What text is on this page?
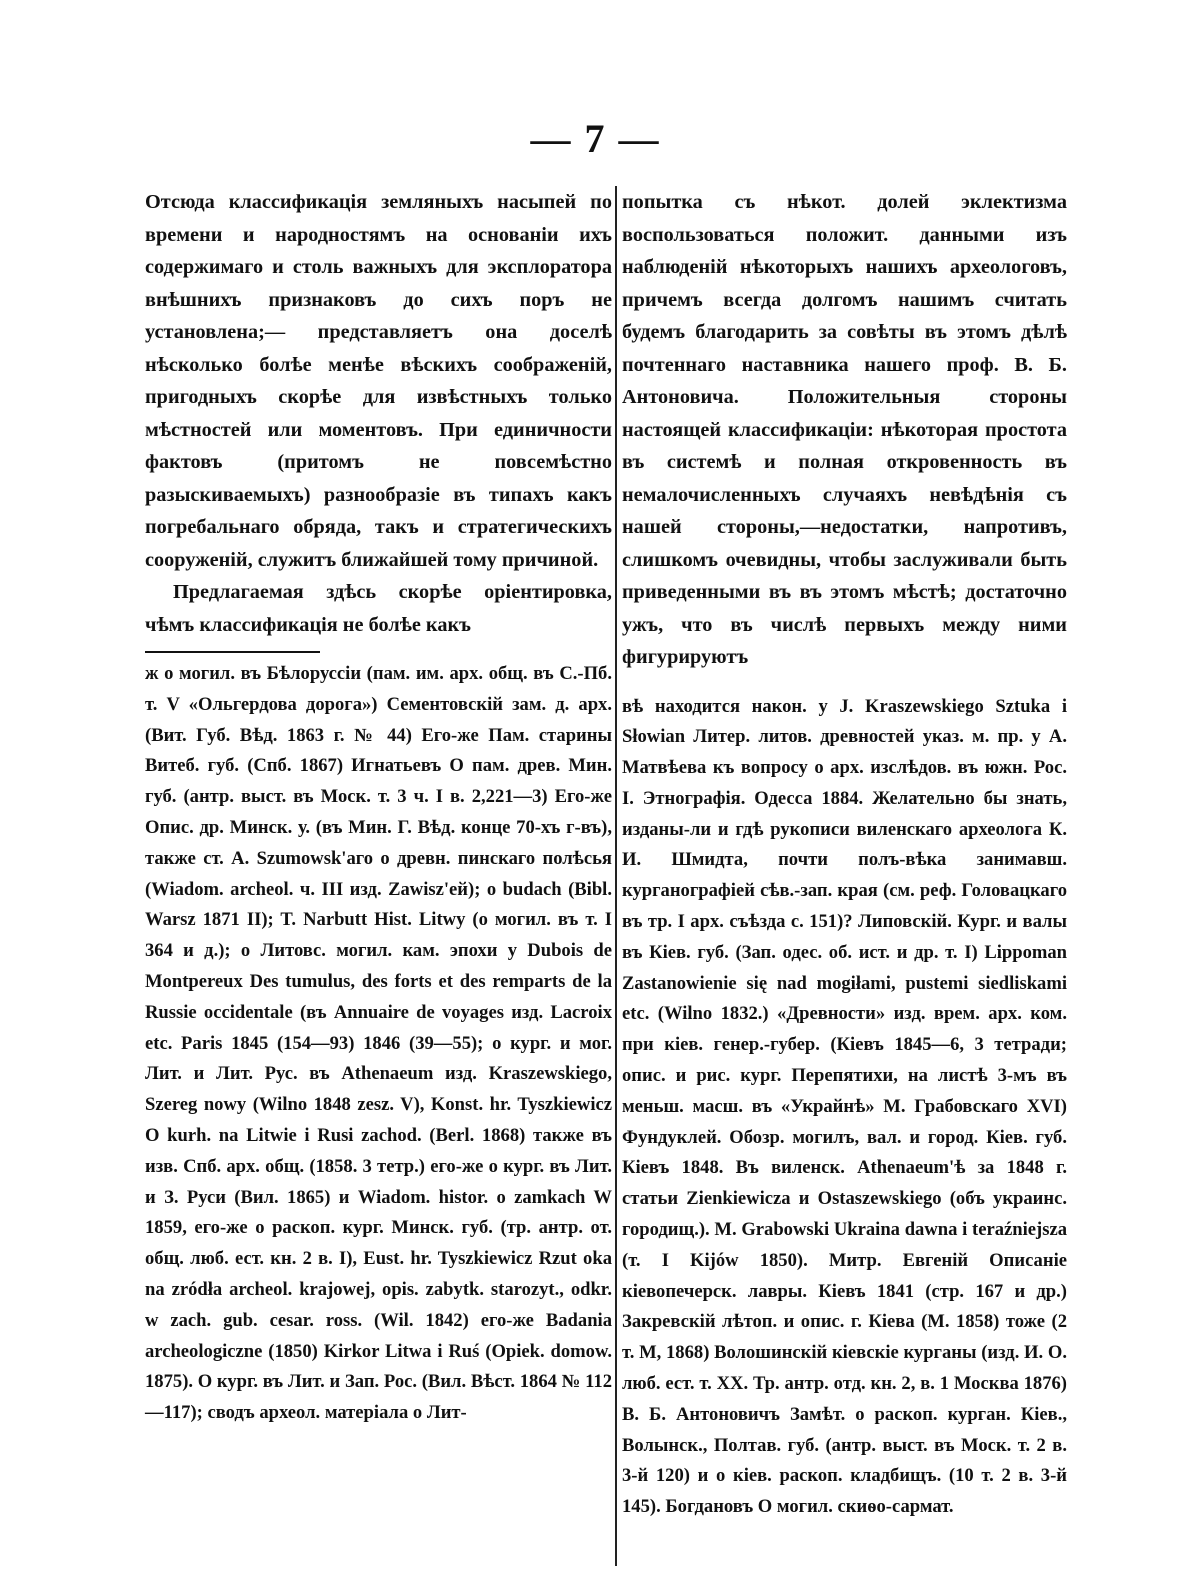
— 7 —

Отсюда классификація земляныхъ насыпей по времени и народностямъ на основаніи ихъ содержимаго и столь важныхъ для эксплоратора внѣшнихъ признаковъ до сихъ поръ не установлена;— представляетъ она доселѣ нѣсколько болѣе менѣе вѣскихъ соображеній, пригодныхъ скорѣе для извѣстныхъ только мѣстностей или моментовъ. При единичности фактовъ (притомъ не повсемѣстно разыскиваемыхъ) разнообразіе въ типахъ какъ погребальнаго обряда, такъ и стратегическихъ сооруженій, служитъ ближайшей тому причиной.

Предлагаемая здѣсь скорѣе оріентировка, чѣмъ классификація не болѣе какъ

ж о могил. въ Бѣлоруссіи (пам. им. арх. общ. въ С.-Пб. т. V «Ольгердова дорога») Сементовскій зам. д. арх. (Вит. Губ. Вѣд. 1863 г. № 44) Его-же Пам. старины Витеб. губ. (Спб. 1867) Игнатьевъ О пам. древ. Мин. губ. (антр. выст. въ Моск. т. 3 ч. I в. 2,221—3) Его-же Опис. др. Минск. у. (въ Мин. Г. Вѣд. конце 70-хъ г-въ), также ст. A. Szumowsk'аго о древн. пинскаго полѣсья (Wiadom. archeol. ч. III изд. Zawisz'ей); o budach (Bibl. Warsz 1871 II); T. Narbutt Hist. Litwy (о могил. въ т. I 364 и д.); о Литовс. могил. кам. эпохи у Dubois de Montpereux Des tumulus, des forts et des remparts de la Russie occidentale (въ Annuaire de voyages изд. Lacroix etc. Paris 1845 (154—93) 1846 (39—55); о кург. и мог. Лит. и Лит. Рус. въ Athenaeum изд. Kraszewskiego, Szereg nowy (Wilno 1848 zesz. V), Konst. hr. Tyszkiewicz O kurh. na Litwie i Rusi zachod. (Berl. 1868) также въ изв. Спб. арх. общ. (1858. 3 тетр.) его-же о кург. въ Лит. и З. Руси (Вил. 1865) и Wiadom. histor. o zamkach W 1859, его-же о раскоп. кург. Минск. губ. (тр. антр. от. общ. люб. ест. кн. 2 в. I), Eust. hr. Tyszkiewicz Rzut oka na zródła archeol. krajowej, opis. zabytk. starozyt., odkr. w zach. gub. cesar. ross. (Wil. 1842) его-же Badania archeologiczne (1850) Kirkor Litwa i Ruś (Opiek. domow. 1875). О кург. въ Лит. и Зап. Рос. (Вил. Вѣст. 1864 № 112—117); сводъ археол. матеріала о Лит-

попытка съ нѣкот. долей эклектизма воспользоваться положит. данными изъ наблюденій нѣкоторыхъ нашихъ археологовъ, причемъ всегда долгомъ нашимъ считать будемъ благодарить за совѣты въ этомъ дѣлѣ почтеннаго наставника нашего проф. В. Б. Антоновича. Положительныя стороны настоящей классификаціи: нѣкоторая простота въ системѣ и полная откровенность въ немалочисленныхъ случаяхъ невѣдѣнія съ нашей стороны,—недостатки, напротивъ, слишкомъ очевидны, чтобы заслуживали быть приведенными въ въ этомъ мѣстѣ; достаточно ужъ, что въ числѣ первыхъ между ними фигурируютъ

вѣ находится након. у J. Kraszewskiego Sztuka i Słowian Литер. литов. древностей указ. м. пр. у А. Матвѣева къ вопросу о арх. изслѣдов. въ южн. Рос. I. Этнографія. Одесса 1884. Желательно бы знать, изданы-ли и гдѣ рукописи виленскаго археолога К. И. Шмидта, почти полъ-вѣка занимавш. курганографіей сѣв.-зап. края (см. реф. Головацкаго въ тр. I арх. съѣзда с. 151)? Липовскій. Кург. и валы въ Кіев. губ. (Зап. одес. об. ист. и др. т. I) Lippoman Zastanowienie się nad mogiłami, pustemi siedliskami etc. (Wilno 1832.) «Древности» изд. врем. арх. ком. при кіев. генер.-губер. (Кіевъ 1845—6, 3 тетради; опис. и рис. кург. Перепятихи, на листѣ 3-мъ въ меньш. масш. въ «Украйнѣ» М. Грабовскаго XVI) Фундуклей. Обозр. могилъ, вал. и город. Кіев. губ. Кіевъ 1848. Въ виленск. Athenaeum'ѣ за 1848 г. статьи Zienkiewicza и Ostaszewskiego (объ украинс. городищ.). M. Grabowski Ukraina dawna i teraźniejsza (т. I Kijów 1850). Митр. Евгеній Описаніе кіевопечерск. лавры. Кіевъ 1841 (стр. 167 и др.) Закревскій лѣтоп. и опис. г. Кіева (М. 1858) тоже (2 т. М, 1868) Волошинскій кіевскіе курганы (изд. И. О. люб. ест. т. XX. Тр. антр. отд. кн. 2, в. 1 Москва 1876) В. Б. Антоновичъ Замѣт. о раскоп. курган. Кіев., Волынск., Полтав. губ. (антр. выст. въ Моск. т. 2 в. 3-й 120) и о кіев. раскоп. кладбищъ. (10 т. 2 в. 3-й 145). Богдановъ О могил. скиѳо-сармат.
